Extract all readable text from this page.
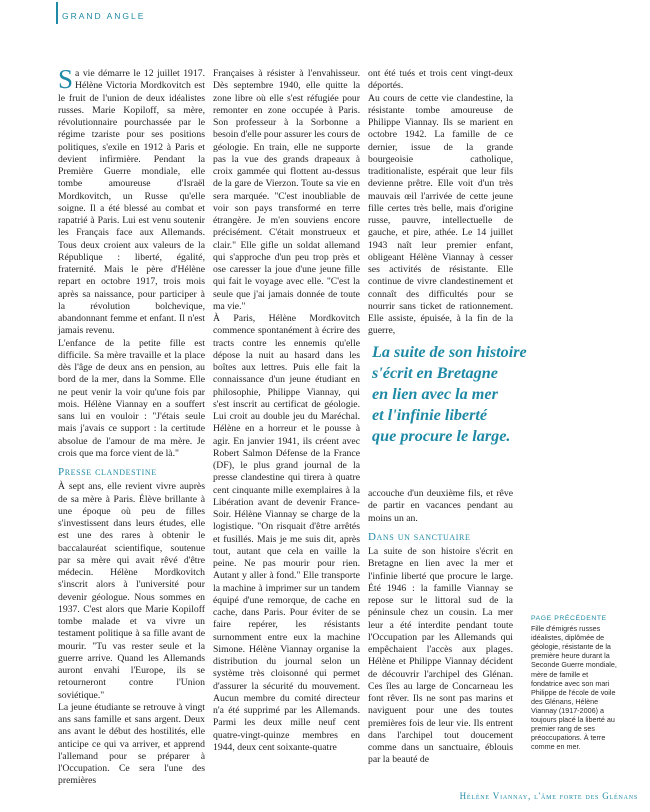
GRAND ANGLE

Sa vie démarre le 12 juillet 1917. Hélène Victoria Mordkovitch est le fruit de l'union de deux idéalistes russes. Marie Kopiloff, sa mère, révolutionnaire pourchassée par le régime tzariste pour ses positions politiques, s'exile en 1912 à Paris et devient infirmière. Pendant la Première Guerre mondiale, elle tombe amoureuse d'Israël Mordkovitch, un Russe qu'elle soigne. Il a été blessé au combat et rapatrié à Paris. Lui est venu soutenir les Français face aux Allemands. Tous deux croient aux valeurs de la République : liberté, égalité, fraternité. Mais le père d'Hélène repart en octobre 1917, trois mois après sa naissance, pour participer à la révolution bolchevique, abandonnant femme et enfant. Il n'est jamais revenu.

L'enfance de la petite fille est difficile. Sa mère travaille et la place dès l'âge de deux ans en pension, au bord de la mer, dans la Somme. Elle ne peut venir la voir qu'une fois par mois. Hélène Viannay en a souffert sans lui en vouloir : "J'étais seule mais j'avais ce support : la certitude absolue de l'amour de ma mère. Je crois que ma force vient de là."

Presse clandestine

À sept ans, elle revient vivre auprès de sa mère à Paris. Élève brillante à une époque où peu de filles s'investissent dans leurs études, elle est une des rares à obtenir le baccalauréat scientifique, soutenue par sa mère qui avait rêvé d'être médecin. Hélène Mordkovitch s'inscrit alors à l'université pour devenir géologue. Nous sommes en 1937. C'est alors que Marie Kopiloff tombe malade et va vivre un testament politique à sa fille avant de mourir. "Tu vas rester seule et la guerre arrive. Quand les Allemands auront envahi l'Europe, ils se retourneront contre l'Union soviétique."

La jeune étudiante se retrouve à vingt ans sans famille et sans argent. Deux ans avant le début des hostilités, elle anticipe ce qui va arriver, et apprend l'allemand pour se préparer à l'Occupation. Ce sera l'une des premières

Françaises à résister à l'envahisseur. Dès septembre 1940, elle quitte la zone libre où elle s'est réfugiée pour remonter en zone occupée à Paris. Son professeur à la Sorbonne a besoin d'elle pour assurer les cours de géologie. En train, elle ne supporte pas la vue des grands drapeaux à croix gammée qui flottent au-dessus de la gare de Vierzon. Toute sa vie en sera marquée. "C'est inoubliable de voir son pays transformé en terre étrangère. Je m'en souviens encore précisément. C'était monstrueux et clair." Elle gifle un soldat allemand qui s'approche d'un peu trop près et ose caresser la joue d'une jeune fille qui fait le voyage avec elle. "C'est la seule que j'ai jamais donnée de toute ma vie."

À Paris, Hélène Mordkovitch commence spontanément à écrire des tracts contre les ennemis qu'elle dépose la nuit au hasard dans les boîtes aux lettres. Puis elle fait la connaissance d'un jeune étudiant en philosophie, Philippe Viannay, qui s'est inscrit au certificat de géologie. Lui croit au double jeu du Maréchal. Hélène en a horreur et le pousse à agir. En janvier 1941, ils créent avec Robert Salmon Défense de la France (DF), le plus grand journal de la presse clandestine qui tirera à quatre cent cinquante mille exemplaires à la Libération avant de devenir France-Soir. Hélène Viannay se charge de la logistique. "On risquait d'être arrêtés et fusillés. Mais je me suis dit, après tout, autant que cela en vaille la peine. Ne pas mourir pour rien. Autant y aller à fond." Elle transporte la machine à imprimer sur un tandem équipé d'une remorque, de cache en cache, dans Paris. Pour éviter de se faire repérer, les résistants surnomment entre eux la machine Simone. Hélène Viannay organise la distribution du journal selon un système très cloisonné qui permet d'assurer la sécurité du mouvement. Aucun membre du comité directeur n'a été supprimé par les Allemands. Parmi les deux mille neuf cent quatre-vingt-quinze membres en 1944, deux cent soixante-quatre

ont été tués et trois cent vingt-deux déportés.

Au cours de cette vie clandestine, la résistante tombe amoureuse de Philippe Viannay. Ils se marient en octobre 1942. La famille de ce dernier, issue de la grande bourgeoisie catholique, traditionaliste, espérait que leur fils devienne prêtre. Elle voit d'un très mauvais œil l'arrivée de cette jeune fille certes très belle, mais d'origine russe, pauvre, intellectuelle de gauche, et pire, athée. Le 14 juillet 1943 naît leur premier enfant, obligeant Hélène Viannay à cesser ses activités de résistante. Elle continue de vivre clandestinement et connaît des difficultés pour se nourrir sans ticket de rationnement. Elle assiste, épuisée, à la fin de la guerre,

La suite de son histoire
s'écrit en Bretagne
en lien avec la mer
et l'infinie liberté
que procure le large.

accouche d'un deuxième fils, et rêve de partir en vacances pendant au moins un an.

Dans un sanctuaire

La suite de son histoire s'écrit en Bretagne en lien avec la mer et l'infinie liberté que procure le large. Été 1946 : la famille Viannay se repose sur le littoral sud de la péninsule chez un cousin. La mer leur a été interdite pendant toute l'Occupation par les Allemands qui empêchaient l'accès aux plages. Hélène et Philippe Viannay décident de découvrir l'archipel des Glénan. Ces îles au large de Concarneau les font rêver. Ils ne sont pas marins et naviguent pour une des toutes premières fois de leur vie. Ils entrent dans l'archipel tout doucement comme dans un sanctuaire, éblouis par la beauté de

PAGE PRÉCÉDENTE
Fille d'émigrés russes idéalistes, diplômée de géologie, résistante de la première heure durant la Seconde Guerre mondiale, mère de famille et fondatrice avec son mari Philippe de l'école de voile des Glénans, Hélène Viannay (1917-2006) a toujours placé la liberté au premier rang de ses préoccupations. À terre comme en mer.
Hélène Viannay, l'âme forte des Glénans
